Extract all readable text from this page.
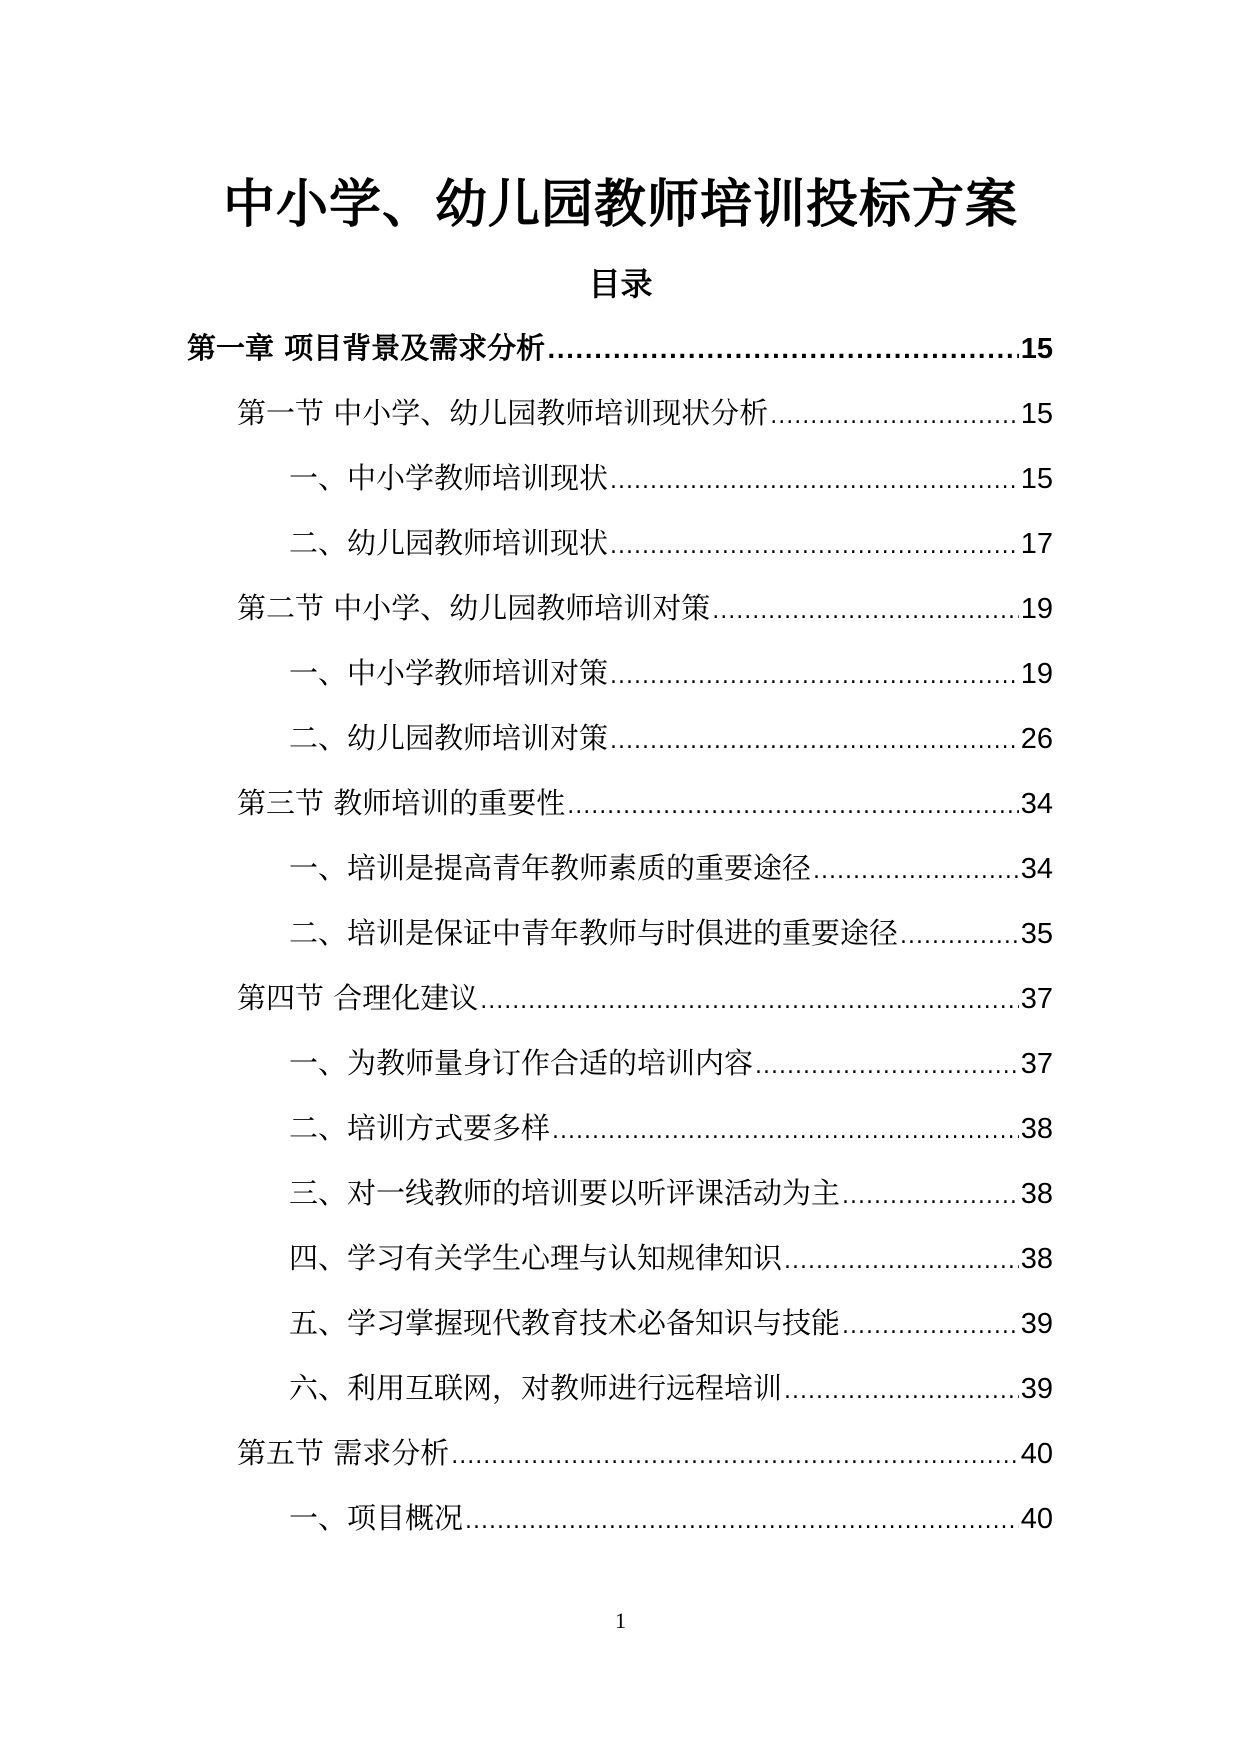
中小学、幼儿园教师培训投标方案
目录
第一章 项目背景及需求分析 .....	15
第一节 中小学、幼儿园教师培训现状分析 .....	15
一、中小学教师培训现状 .....	15
二、幼儿园教师培训现状 .....	17
第二节 中小学、幼儿园教师培训对策 .....	19
一、中小学教师培训对策 .....	19
二、幼儿园教师培训对策 .....	26
第三节 教师培训的重要性 .....	34
一、培训是提高青年教师素质的重要途径 .....	34
二、培训是保证中青年教师与时俱进的重要途径 .....	35
第四节 合理化建议 .....	37
一、为教师量身订作合适的培训内容 .....	37
二、培训方式要多样 .....	38
三、对一线教师的培训要以听评课活动为主 .....	38
四、学习有关学生心理与认知规律知识 .....	38
五、学习掌握现代教育技术必备知识与技能 .....	39
六、利用互联网，对教师进行远程培训 .....	39
第五节 需求分析 .....	40
一、项目概况 .....	40
1
